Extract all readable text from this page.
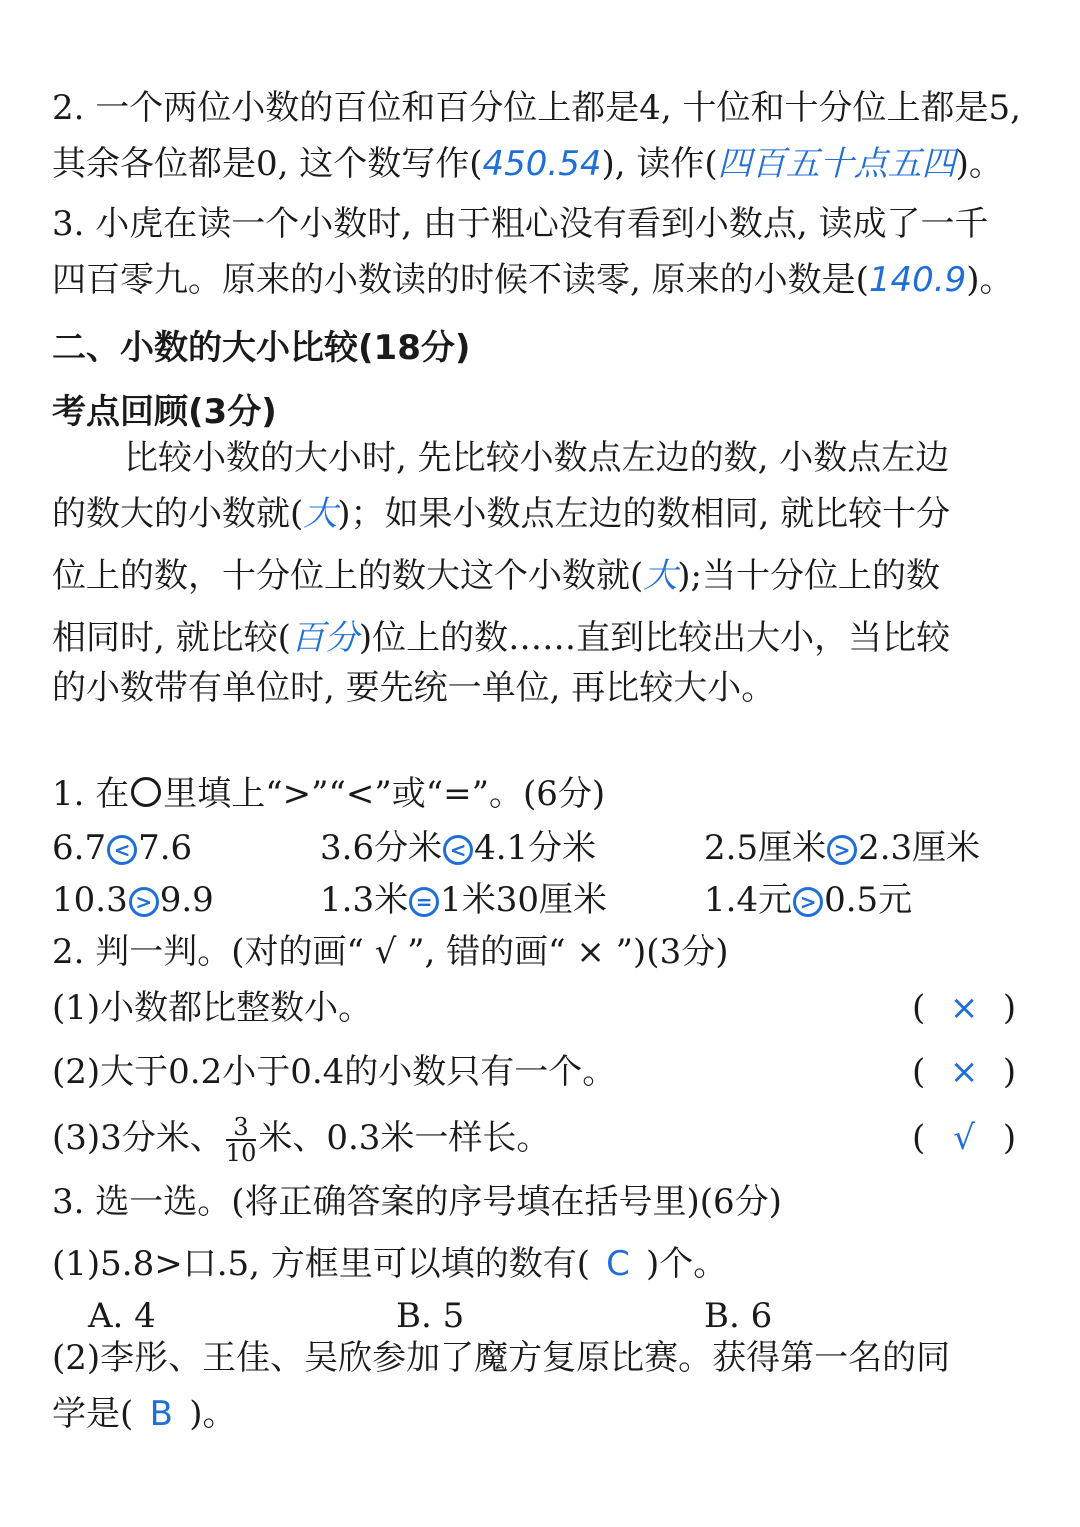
2. 一个两位小数的百位和百分位上都是4, 十位和十分位上都是5,
其余各位都是0, 这个数写作(450.54), 读作(四百五十点五四)。
3. 小虎在读一个小数时, 由于粗心没有看到小数点, 读成了一千
四百零九。原来的小数读的时候不读零, 原来的小数是(140.9)。
二、小数的大小比较(18分)
考点回顾(3分)
比较小数的大小时, 先比较小数点左边的数, 小数点左边
的数大的小数就(大)；如果小数点左边的数相同, 就比较十分
位上的数，十分位上的数大这个小数就(大);当十分位上的数
相同时, 就比较(百分)位上的数……直到比较出大小，当比较
的小数带有单位时, 要先统一单位, 再比较大小。
1. 在 里填上“>”“<”或“=”。(6分)
6.7 < 7.6	3.6分米 < 4.1分米	2.5厘米 > 2.3厘米
10.3 > 9.9	1.3米 = 1米30厘米	1.4元 > 0.5元
2. 判一判。(对的画“ √ ”, 错的画“ × ”)(3分)
(1)小数都比整数小。	( × )
(2)大于0.2小于0.4的小数只有一个。	( × )
(3)3分米、 $\frac{3}{10}$ 米、0.3米一样长。	( √ )
3. 选一选。(将正确答案的序号填在括号里)(6分)
(1)5.8>口.5, 方框里可以填的数有( C )个。
A. 4	B. 5	B. 6
(2)李彤、王佳、吴欣参加了魔方复原比赛。获得第一名的同
学是( B )。
